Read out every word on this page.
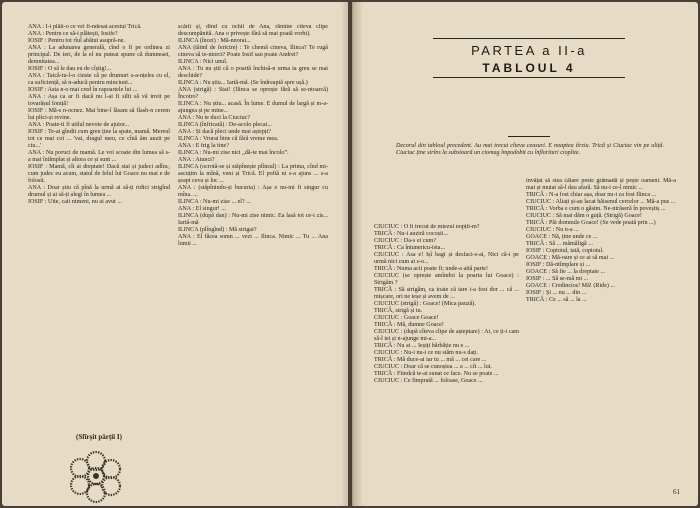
ANA : Î-i plăti-o ce vei fi-ndesat acestui Trică.
ANA : Pentru ce să-i plătești, Iosife?
IOSIF : Pentru tot rîul abătut asupră-ne.
ANA : La adunarea generală, cînd o fi pe ordinea zi principal. De ieri, de la el nu puteai spune că dumneaei, demnitatea...
IOSIF : O să le dau eu de cîștig!...
ANA : Taică-tu-l-o cinste că pe drumuri s-a-nțeles cu el, ca suficiență, să n-aducă pentru minciuni...
IOSIF : Asta n-o mai cred în rapoartele lui ...
ANA : Așa ca ar fi dacă nu l-ai fi silit să vă invit pe tovarășul Ioniță!
IOSIF : Mă-s n-ocnez. Mai bine-l lăsam să flash-n cerem lui plici-și revine.
ANA : Poate-ti fi utilul nevoie de ajutor...
IOSIF : Te-ai gîndit cum greu ține la spate, mamă. Mereul tot ce mai coi ... 'vai, dragul meu, ce cînă ăm auzit pe ciu...'
ANA : Nu poruci de mamă. Le voi scoate din lumea să s-a mai întîmplat și altora ce și sunt ...
IOSIF : Mamă, cît ai dreptate! Dacă stai și judeci adînc, cum judec eu acum, statul de felul lui Goace nu mai e de folosit.
ANA : Doar știu că pînă la urmă ai să-ți ridici strigînd drumul și ai să-ți alegi în lumea ...
IOSIF : Uite, caii nimeni, nu ai avut ...
scăriî și, dînd cu ochii de Ana, rămîne cîteva clipe descumpănită. Ana o privește fără să mai poată vorbi).
ILINCA (încet) : Mă-nnorai...
ANA (tăind de fericire) : Te chemă cineva, Ilinca? Te rugă cineva să te-ntorci? Poate Iosif sau poate Andrei?
ILINCA : Nici unul.
ANA : Tu nu știi că o poartă închisă-n urma ta greu se mai deschide?
ILINCA : Nu știu... Iartă-mă. (Se îndreaptă spre ușă.)
ANA (strigă) : Stai! (Ilinca se oprește fără să se-ntoarcă) Încotro?
ILINCA : Nu știu... acasă. În lume. E dumul de largă și m-a-ajungea și pe mine...
ANA : Nu te duci la Ciuciuc?
ILINCA (înfricată) : De-acolo plecai...
ANA : Și dacă pleci unde mai aștepți?
ILINCA : Vrurai bine că fără vreme mea.
ANA : E frig la tine?
ILINCA : Nu-mi zise nici „dă-te mai încolo”.
ANA : Atunci?
ILINCA (ocrotă-se și stăpînește plînsul) : La prima, cînd mi-ascuțim la mînă, veni și Trică. El poftă ni s-a ajuns ... s-a șeapt ceva și loc ...
ANA : (stăpînindu-și bucuria) : Așa e nu-mi fi singur cu mîna. ...
ILINCA : Nu-mi zise ... el? ...
ANA : El singur! ...
ILINCA (după dan) : Nu-mi zise nimic. Ea lasă tot ce-i zis... Iartă-mă
ILINCA (plîngînd) : Mă strigai?
ANA : El făcea somn ... vezi ... Ilinca. Nimic ... Tu ... Ana lumii ...
(Sfîrșit părții I)
PARTEA a II-a
TABLOUL 4
Decorul din tabloul precedent. Au mai trecut cîteva ceasuri. E noaptea tîrziu. Trică și Ciuciuc vin pe uliță. Ciuciuc ține strîns la subsioară un ciomag împodobit cu înflorituri ciopîite.
CIUCIUC : O fi trecut de miezul nopții-m?
TRICĂ : Nu-i auziră cocoșii...
CIUCIUC : Da-s ei cum?
TRICĂ : Ca întunericu-ista...
CIUCIUC : Asa e! Ișî bagi și desfaci-s-ai, Nici că-i pe urmă nici cum ai s-o...
TRICĂ : Numa acii poate fi; unde-a aită parte!
CIUCIUC (se oprește amîndoi la poarta lui Goace) : Strigăm ?
TRICĂ : Să strigăm, ca toate că tare i-a fost dor ... câ ... mișcare, ori ne ieșe și avem de ...
CIUCIUC (strigă) : Goace! (Mica pauză).
TRICĂ, strigă și tu.
CIUCIUC : Goace Goace!
TRICĂ : Mă, dumne Goace!
CIUCIUC : (după cîteva clipe de așteptare) : Ai, ce ți-i cam să-l iei și n-ajunge mi-a...
TRICĂ : Nu ai ... Ieșiți bărbăție nu e ...
CIUCIUC : Nu-i nu-i ce nu stăm nu-s dați.
TRICĂ : Mă duce-ai iar tu ... mă ... cei care ...
CIUCIUC : Doar că se cunoștea ... a ... cît ... lui.
TRICĂ : Fiindcă te-ai sunat ce face. Nu se poate ...
CIUCIUC : Ce fimprată ... foloase, Goace ...
învățat să stea călare peste grămadă și pește oameni. Mă-a mai și mutat să-l dau afară. Să nu-i ce-l nimic ...
TRICĂ : N-a fost chiar așa, doar nu-i ca fost Ilinca ...
CIUCIUC : Aliați și-au lacat hăisenul cercelor ... Mă-a pus ...
TRICĂ : Vorba e cum o găsim. Ne-ntrăseră în poveștiș ...
CIUCIUC : Să mai dăm o guță. (Strigă) Goace!
TRICĂ : Păi domnule Goace! (Se vede poată prin ...)
CIUCIUC : Nu n-a ...
GOACE : Nă, ține unde ce ...
TRICĂ : Să ... mămăligă ...
IOSIF : Coptoiul, tată, coptoiul.
GOACE : Mă-oare și ce ai să mai ...
IOSIF : Dă-ntîmplare și ...
GOACE : Să fie ... la dreptate ...
IOSIF : ... Să se-mă mi ...
GOACE : Credincios! Mă! (Ride) ...
IOSIF : Și ... nu ... din ...
TRICĂ : Ce ... să ... la ...
61
